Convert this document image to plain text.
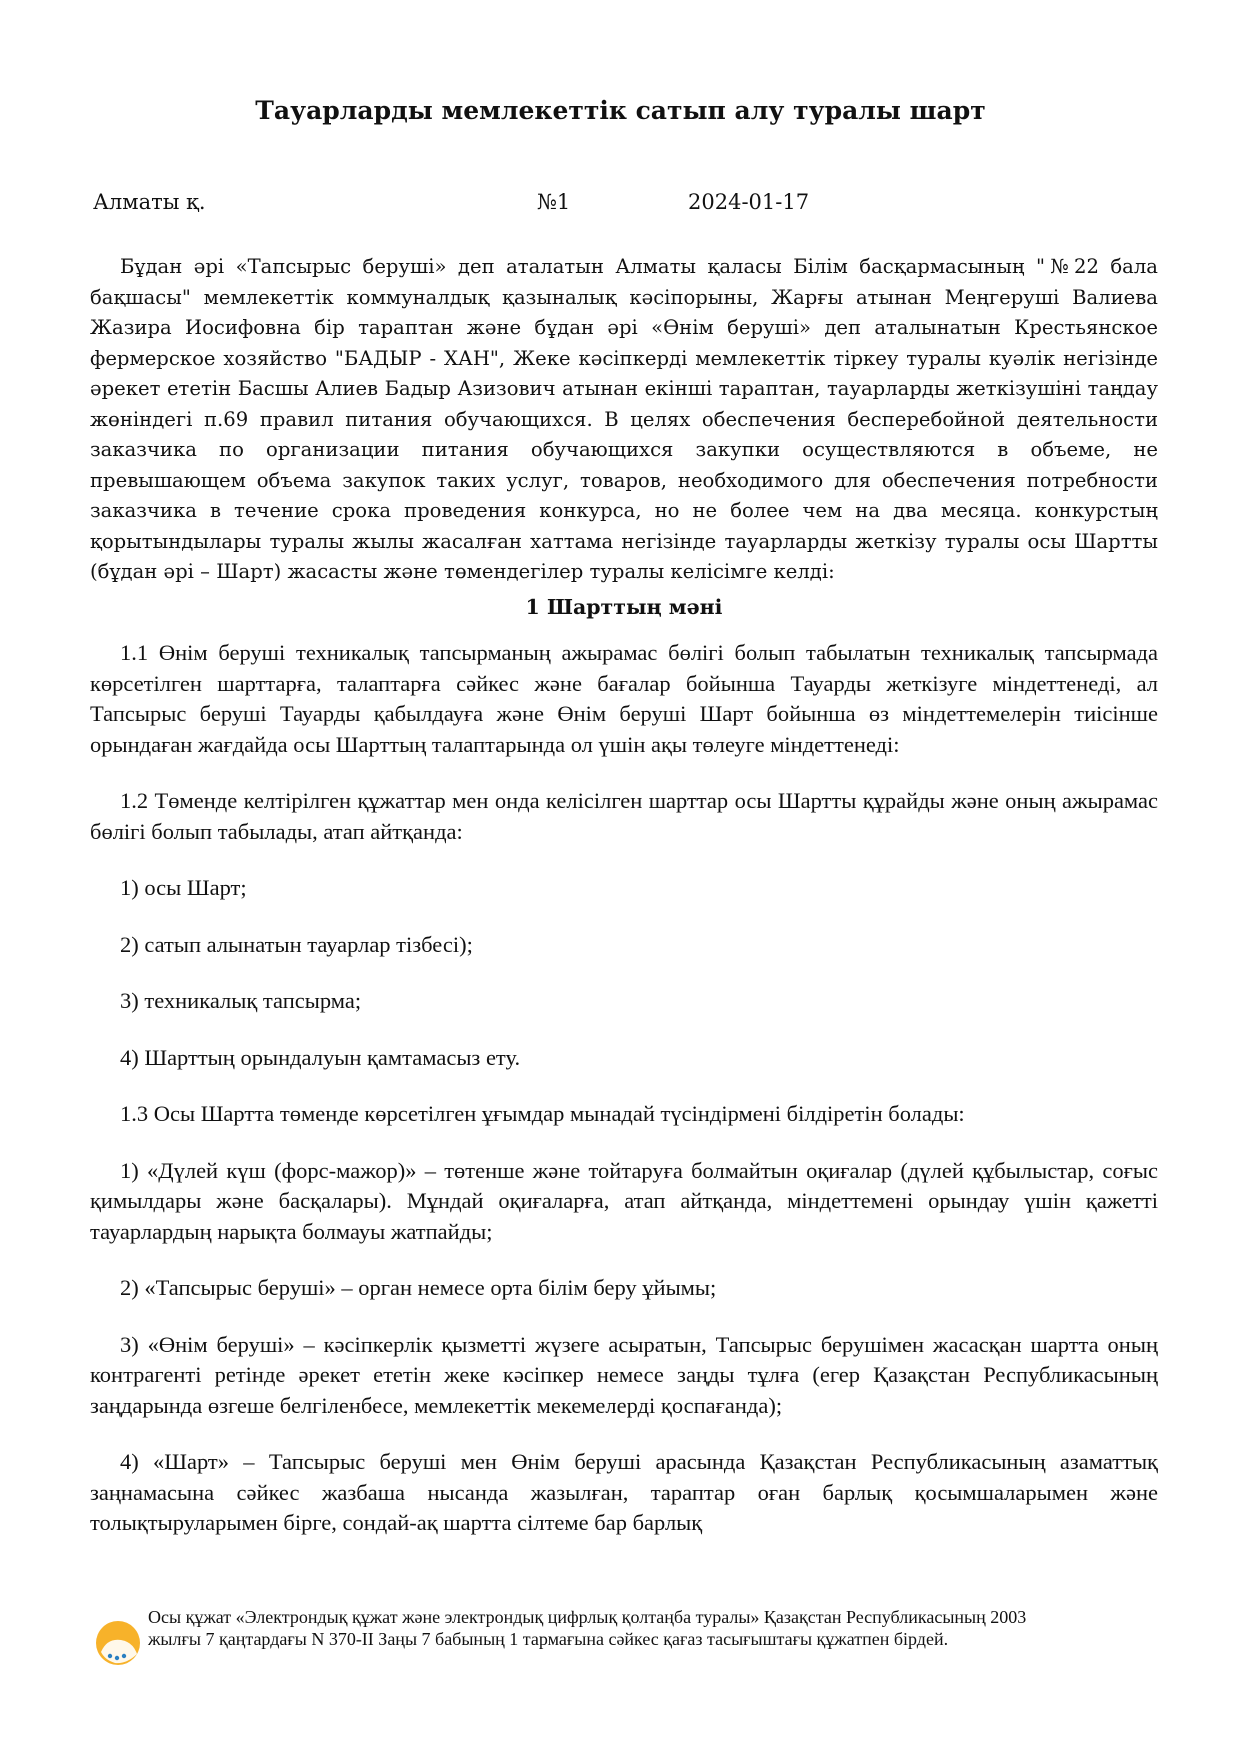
Тауарларды мемлекеттік сатып алу туралы шарт
Алматы қ.	№1	2024-01-17

Бұдан әрі «Тапсырыс беруші» деп аталатын Алматы қаласы Білім басқармасының "№22 бала бақшасы" мемлекеттік коммуналдық қазыналық кәсіпорыны, Жарғы атынан Меңгеруші Валиева Жазира Иосифовна бір тараптан және бұдан әрі «Өнім беруші» деп аталынатын Крестьянское фермерское хозяйство "БАДЫР - ХАН", Жеке кәсіпкерді мемлекеттік тіркеу туралы куәлік негізінде әрекет ететін Басшы Алиев Бадыр Азизович атынан екінші тараптан, тауарларды жеткізушіні таңдау жөніндегі п.69 правил питания обучающихся. В целях обеспечения бесперебойной деятельности заказчика по организации питания обучающихся закупки осуществляются в объеме, не превышающем объема закупок таких услуг, товаров, необходимого для обеспечения потребности заказчика в течение срока проведения конкурса, но не более чем на два месяца. конкурстың қорытындылары туралы жылы жасалған хаттама негізінде тауарларды жеткізу туралы осы Шартты (бұдан әрі – Шарт) жасасты және төмендегілер туралы келісімге келді:

1 Шарттың мәні

1.1 Өнім беруші техникалық тапсырманың ажырамас бөлігі болып табылатын техникалық тапсырмада көрсетілген шарттарға, талаптарға сәйкес және бағалар бойынша Тауарды жеткізуге міндеттенеді, ал Тапсырыс беруші Тауарды қабылдауға және Өнім беруші Шарт бойынша өз міндеттемелерін тиісінше орындаған жағдайда осы Шарттың талаптарында ол үшін ақы төлеуге міндеттенеді:

1.2 Төменде келтірілген құжаттар мен онда келісілген шарттар осы Шартты құрайды және оның ажырамас бөлігі болып табылады, атап айтқанда:

1) осы Шарт;

2) сатып алынатын тауарлар тізбесі);

3) техникалық тапсырма;

4) Шарттың орындалуын қамтамасыз ету.

1.3 Осы Шартта төменде көрсетілген ұғымдар мынадай түсіндірмені білдіретін болады:

1) «Дүлей күш (форс-мажор)» – төтенше және тойтаруға болмайтын оқиғалар (дүлей құбылыстар, соғыс қимылдары және басқалары). Мұндай оқиғаларға, атап айтқанда, міндеттемені орындау үшін қажетті тауарлардың нарықта болмауы жатпайды;

2) «Тапсырыс беруші» – орган немесе орта білім беру ұйымы;

3) «Өнім беруші» – кәсіпкерлік қызметті жүзеге асыратын, Тапсырыс берушімен жасасқан шартта оның контрагенті ретінде әрекет ететін жеке кәсіпкер немесе заңды тұлға (егер Қазақстан Республикасының заңдарында өзгеше белгіленбесе, мемлекеттік мекемелерді қоспағанда);

4) «Шарт» – Тапсырыс беруші мен Өнім беруші арасында Қазақстан Республикасының азаматтық заңнамасына сәйкес жазбаша нысанда жазылған, тараптар оған барлық қосымшаларымен және толықтыруларымен бірге, сондай-ақ шартта сілтеме бар барлық

Осы құжат «Электрондық құжат және электрондық цифрлық қолтаңба туралы» Қазақстан Республикасының 2003 жылғы 7 қаңтардағы N 370-II Заңы 7 бабының 1 тармағына сәйкес қағаз тасығыштағы құжатпен бірдей.
